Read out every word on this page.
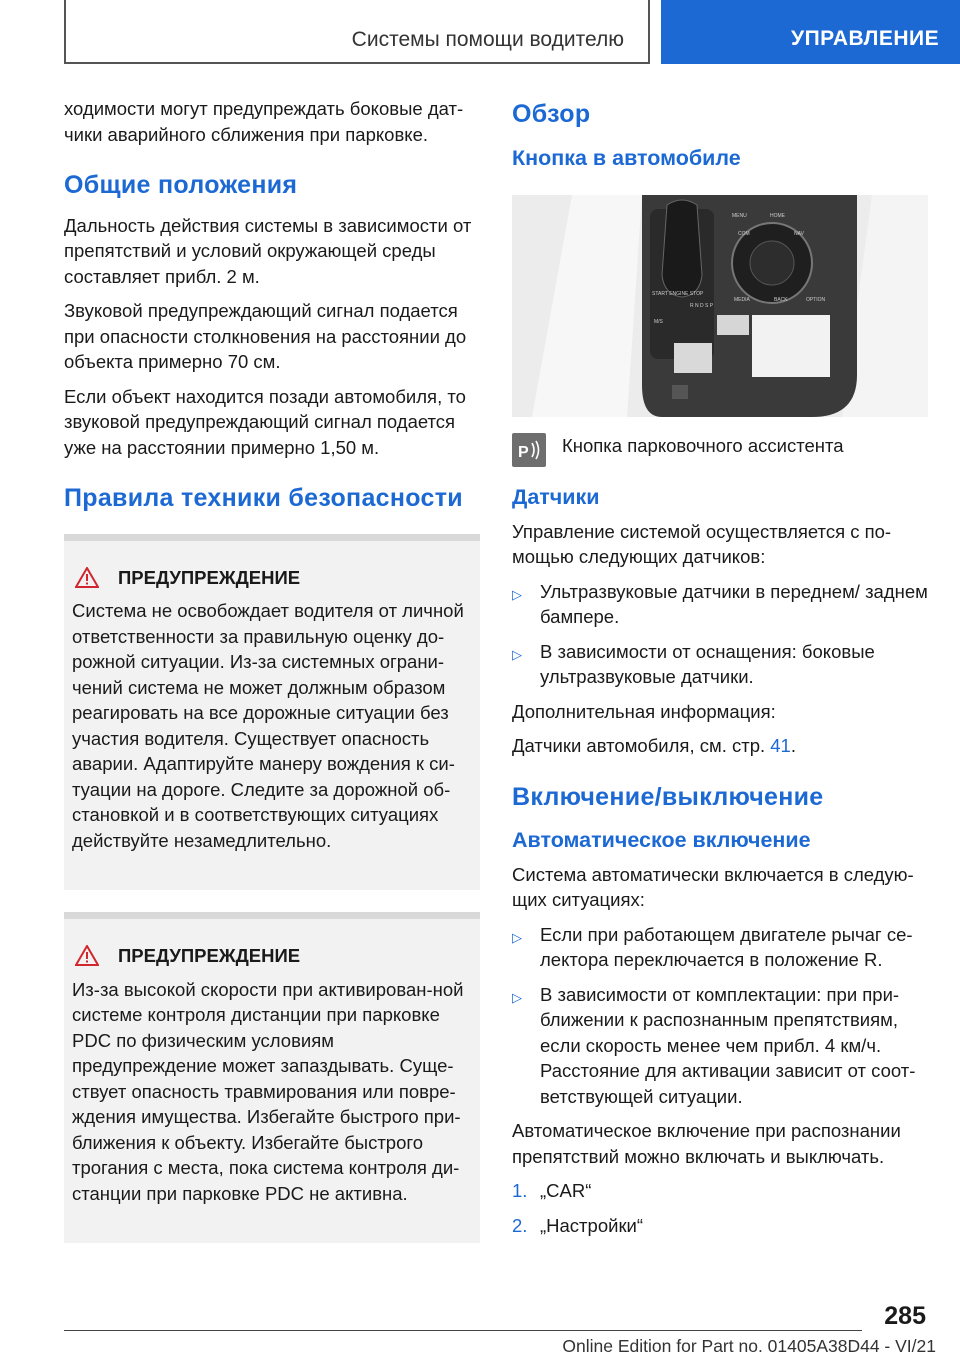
Системы помощи водителю	УПРАВЛЕНИЕ

ходимости могут предупреждать боковые дат-чики аварийного сближения при парковке.

Общие положения

Дальность действия системы в зависимости от препятствий и условий окружающей среды составляет прибл. 2 м.

Звуковой предупреждающий сигнал подается при опасности столкновения на расстоянии до объекта примерно 70 см.

Если объект находится позади автомобиля, то звуковой предупреждающий сигнал подается уже на расстоянии примерно 1,50 м.

Правила техники безопасности
ПРЕДУПРЕЖДЕНИЕ

Система не освобождает водителя от личной ответственности за правильную оценку до-рожной ситуации. Из-за системных ограни-чений система не может должным образом реагировать на все дорожные ситуации без участия водителя. Существует опасность аварии. Адаптируйте манеру вождения к си-туации на дороге. Следите за дорожной об-становкой и в соответствующих ситуациях действуйте незамедлительно.

ПРЕДУПРЕЖДЕНИЕ

Из-за высокой скорости при активирован-ной системе контроля дистанции при парковке PDC по физическим условиям предупреждение может запаздывать. Суще-ствует опасность травмирования или повре-ждения имущества. Избегайте быстрого при-ближения к объекту. Избегайте быстрого трогания с места, пока система контроля ди-станции при парковке PDC не активна.

Обзор
Кнопка в автомобиле
MENU	HOME
COM	NAV
MEDIA	BACK	OPTION
START ENGINE STOP
R N D S P
M/S
P Кнопка парковочного ассистента
Датчики

Управление системой осуществляется с по-мощью следующих датчиков:

▷ Ультразвуковые датчики в переднем/ заднем бампере.
▷ В зависимости от оснащения: боковые ультразвуковые датчики.

Дополнительная информация:

Датчики автомобиля, см. стр. 41.

Включение/выключение
Автоматическое включение

Система автоматически включается в следую-щих ситуациях:

▷ Если при работающем двигателе рычаг се-лектора переключается в положение R.
▷ В зависимости от комплектации: при при-ближении к распознанным препятствиям, если скорость менее чем прибл. 4 км/ч. Расстояние для активации зависит от соот-ветствующей ситуации.

Автоматическое включение при распознании препятствий можно включать и выключать.

1. „CAR“
2. „Настройки“
285
Online Edition for Part no. 01405A38D44 - VI/21
